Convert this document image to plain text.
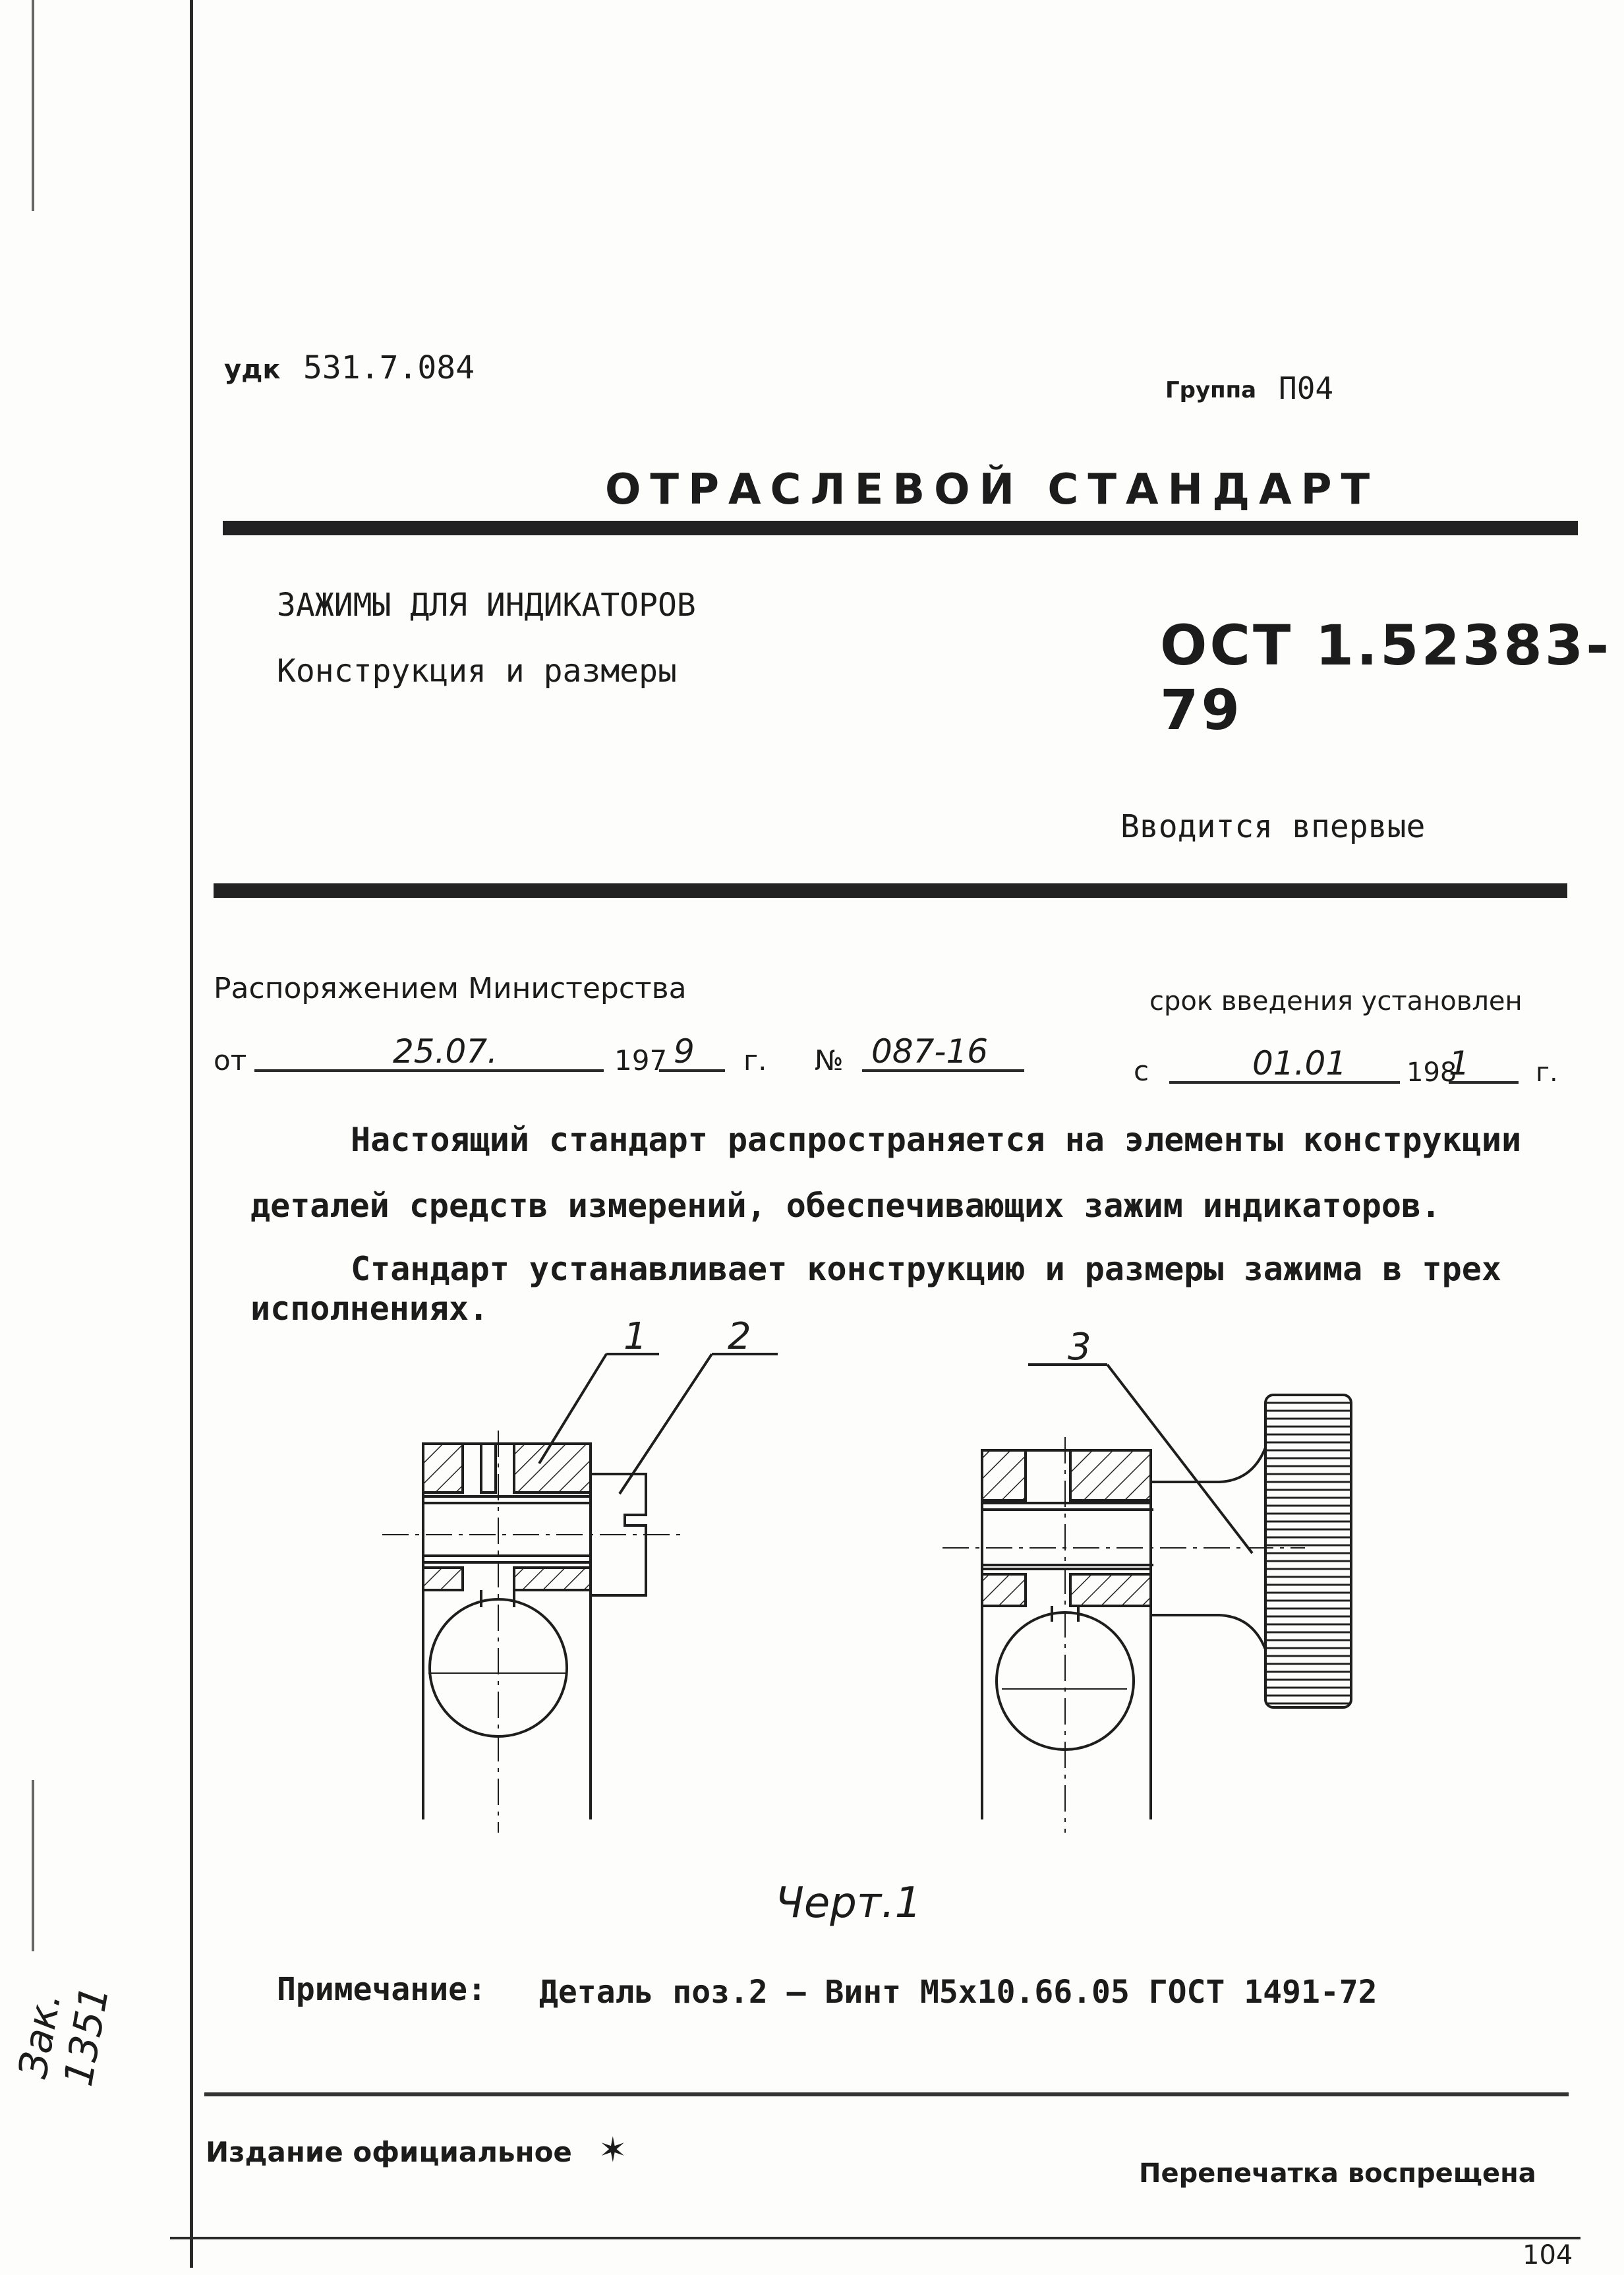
удк 531.7.084
Группа П04
ОТРАСЛЕВОЙ СТАНДАРТ
ЗАЖИМЫ ДЛЯ ИНДИКАТОРОВ
Конструкция и размеры	ОСТ 1.52383-79
Вводится впервые
Распоряжением Министерства	срок введения установлен
от	25.07.	197 9 г. № 087-16
с	01.01 198
1	г.
Настоящий стандарт распространяется на элементы конструкции
деталей средств измерений, обеспечивающих зажим индикаторов.
Стандарт устанавливает конструкцию и размеры зажима в трех
исполнениях.
1 2	3
Черт.1
Примечание: Деталь поз.2 – Винт М5х10.66.05 ГОСТ 1491-72
Издание официальное ✶
Перепечатка воспрещена
104
Зак. 1351
